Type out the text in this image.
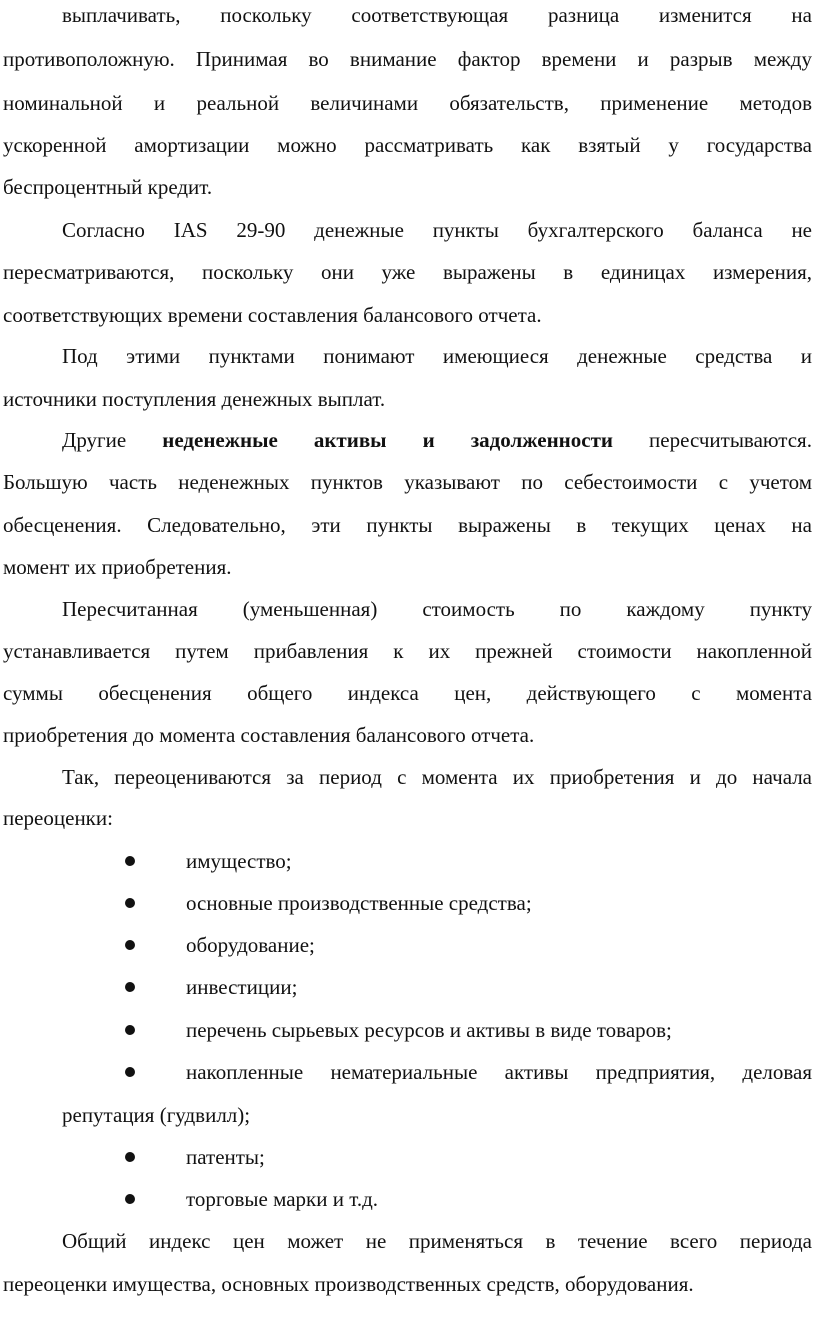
выплачивать, поскольку соответствующая разница изменится на
противоположную. Принимая во внимание фактор времени и разрыв между
номинальной и реальной величинами обязательств, применение методов
ускоренной амортизации можно рассматривать как взятый у государства
беспроцентный кредит.
Согласно IAS 29-90 денежные пункты бухгалтерского баланса не
пересматриваются, поскольку они уже выражены в единицах измерения,
соответствующих времени составления балансового отчета.
Под этими пунктами понимают имеющиеся денежные средства и
источники поступления денежных выплат.
Другие неденежные активы и задолженности пересчитываются.
Большую часть неденежных пунктов указывают по себестоимости с учетом
обесценения. Следовательно, эти пункты выражены в текущих ценах на
момент их приобретения.
Пересчитанная (уменьшенная) стоимость по каждому пункту
устанавливается путем прибавления к их прежней стоимости накопленной
суммы обесценения общего индекса цен, действующего с момента
приобретения до момента составления балансового отчета.
Так, переоцениваются за период с момента их приобретения и до начала
переоценки:
имущество;
основные производственные средства;
оборудование;
инвестиции;
перечень сырьевых ресурсов и активы в виде товаров;
накопленные нематериальные активы предприятия, деловая
репутация (гудвилл);
патенты;
торговые марки и т.д.
Общий индекс цен может не применяться в течение всего периода
переоценки имущества, основных производственных средств, оборудования.
